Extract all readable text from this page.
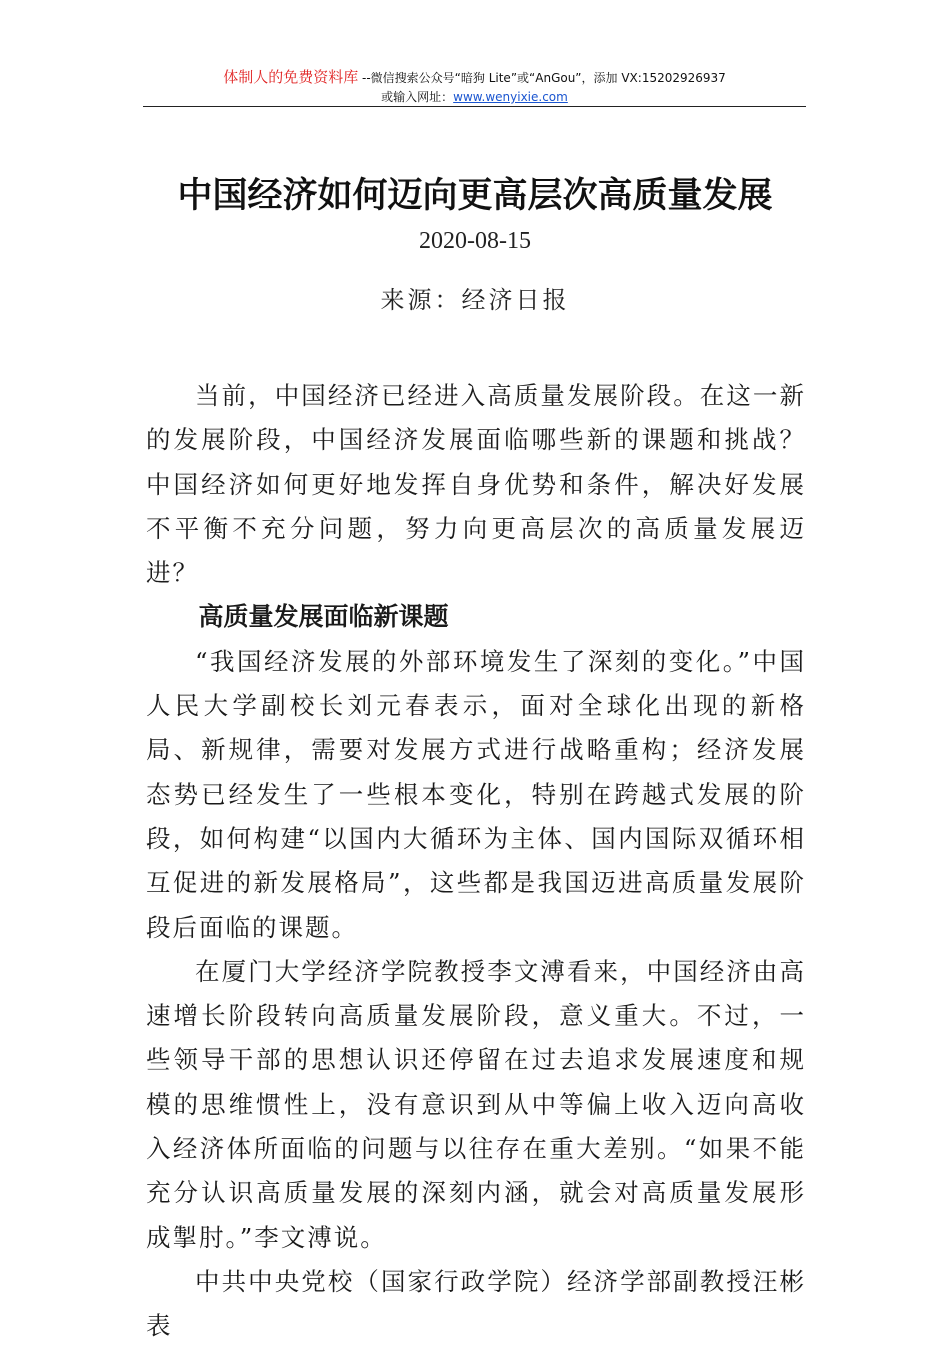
体制人的免费资料库 --微信搜索公众号“暗狗 Lite”或“AnGou”，添加 VX:15202926937
或输入网址：www.wenyixie.com
中国经济如何迈向更高层次高质量发展
2020-08-15
来源：经济日报

当前，中国经济已经进入高质量发展阶段。在这一新的发展阶段，中国经济发展面临哪些新的课题和挑战？中国经济如何更好地发挥自身优势和条件，解决好发展不平衡不充分问题，努力向更高层次的高质量发展迈进？

高质量发展面临新课题

“我国经济发展的外部环境发生了深刻的变化。”中国人民大学副校长刘元春表示，面对全球化出现的新格局、新规律，需要对发展方式进行战略重构；经济发展态势已经发生了一些根本变化，特别在跨越式发展的阶段，如何构建“以国内大循环为主体、国内国际双循环相互促进的新发展格局”，这些都是我国迈进高质量发展阶段后面临的课题。

在厦门大学经济学院教授李文溥看来，中国经济由高速增长阶段转向高质量发展阶段，意义重大。不过，一些领导干部的思想认识还停留在过去追求发展速度和规模的思维惯性上，没有意识到从中等偏上收入迈向高收入经济体所面临的问题与以往存在重大差别。“如果不能充分认识高质量发展的深刻内涵，就会对高质量发展形成掣肘。”李文溥说。

中共中央党校（国家行政学院）经济学部副教授汪彬表
